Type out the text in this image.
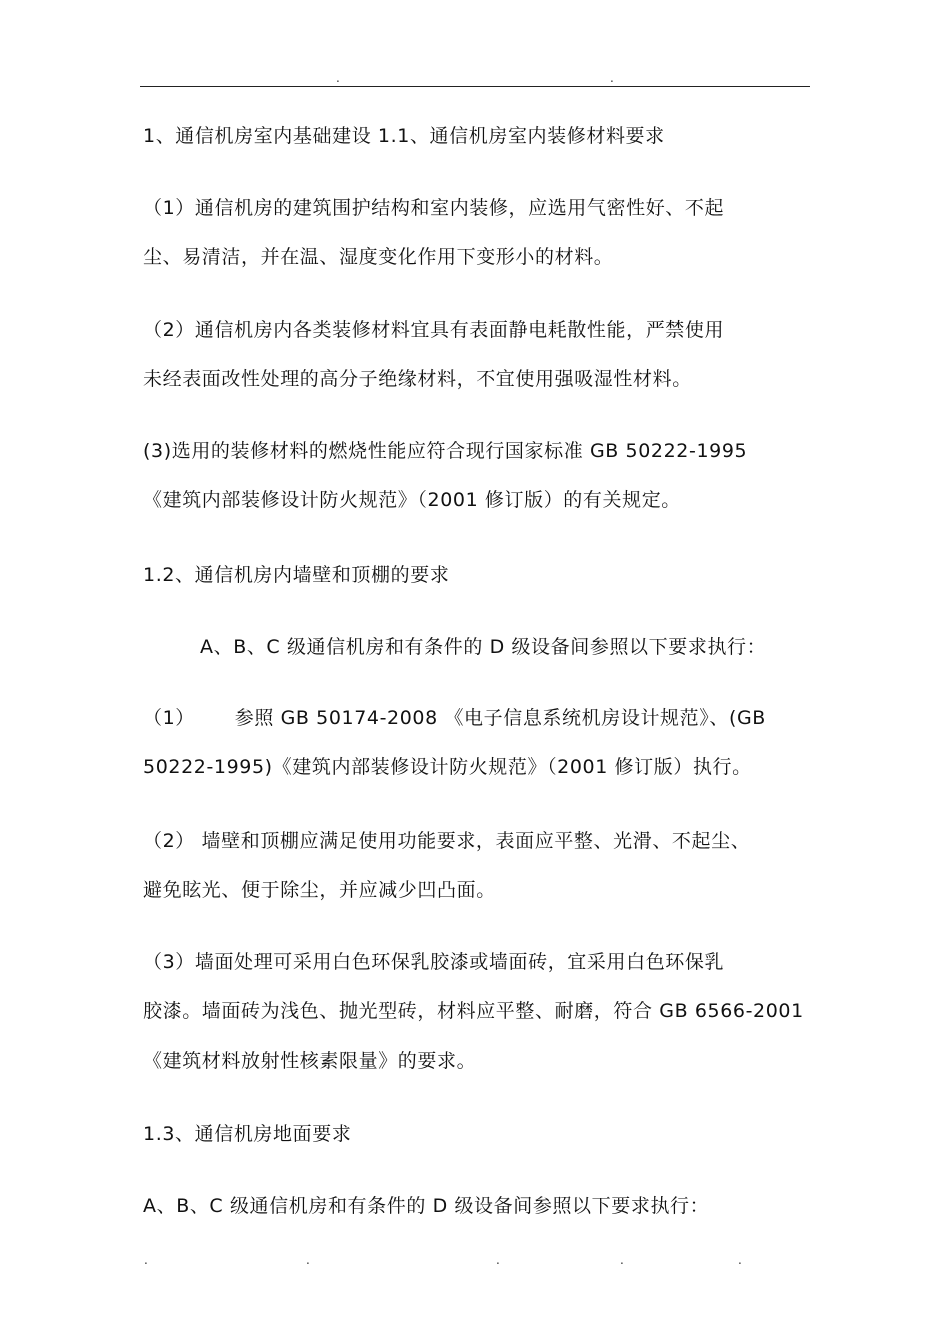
.	.
1、通信机房室内基础建设 1.1、通信机房室内装修材料要求
（1）通信机房的建筑围护结构和室内装修，应选用气密性好、不起
尘、易清洁，并在温、湿度变化作用下变形小的材料。
（2）通信机房内各类装修材料宜具有表面静电耗散性能，严禁使用
未经表面改性处理的高分子绝缘材料，不宜使用强吸湿性材料。
(3)选用的装修材料的燃烧性能应符合现行国家标准 GB 50222-1995
《建筑内部装修设计防火规范》（2001 修订版）的有关规定。
1.2、通信机房内墙壁和顶棚的要求
A、B、C 级通信机房和有条件的 D 级设备间参照以下要求执行：
（1）      参照 GB 50174-2008 《电子信息系统机房设计规范》、(GB
50222-1995)《建筑内部装修设计防火规范》（2001 修订版）执行。
（2） 墙壁和顶棚应满足使用功能要求，表面应平整、光滑、不起尘、
避免眩光、便于除尘，并应减少凹凸面。
（3）墙面处理可采用白色环保乳胶漆或墙面砖，宜采用白色环保乳
胶漆。墙面砖为浅色、抛光型砖，材料应平整、耐磨，符合 GB 6566-2001
《建筑材料放射性核素限量》的要求。
1.3、通信机房地面要求
A、B、C 级通信机房和有条件的 D 级设备间参照以下要求执行：
.	.	.	.	.
